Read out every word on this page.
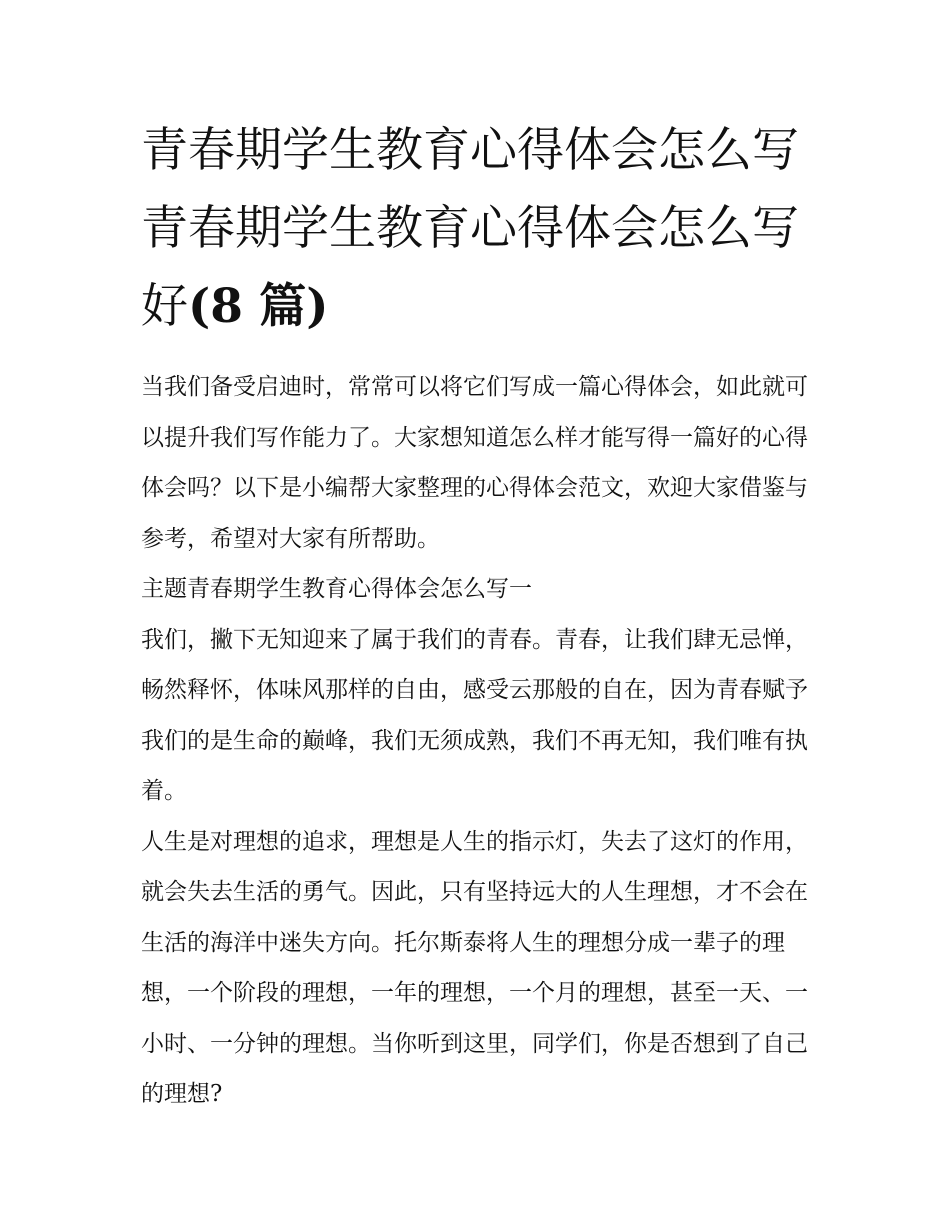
青春期学生教育心得体会怎么写 青春期学生教育心得体会怎么写好(8 篇)

当我们备受启迪时，常常可以将它们写成一篇心得体会，如此就可以提升我们写作能力了。大家想知道怎么样才能写得一篇好的心得体会吗？以下是小编帮大家整理的心得体会范文，欢迎大家借鉴与参考，希望对大家有所帮助。

主题青春期学生教育心得体会怎么写一

我们，撇下无知迎来了属于我们的青春。青春，让我们肆无忌惮，畅然释怀，体味风那样的自由，感受云那般的自在，因为青春赋予我们的是生命的巅峰，我们无须成熟，我们不再无知，我们唯有执着。

人生是对理想的追求，理想是人生的指示灯，失去了这灯的作用，就会失去生活的勇气。因此，只有坚持远大的人生理想，才不会在生活的海洋中迷失方向。托尔斯泰将人生的理想分成一辈子的理想，一个阶段的理想，一年的理想，一个月的理想，甚至一天、一小时、一分钟的理想。当你听到这里，同学们，你是否想到了自己的理想?
